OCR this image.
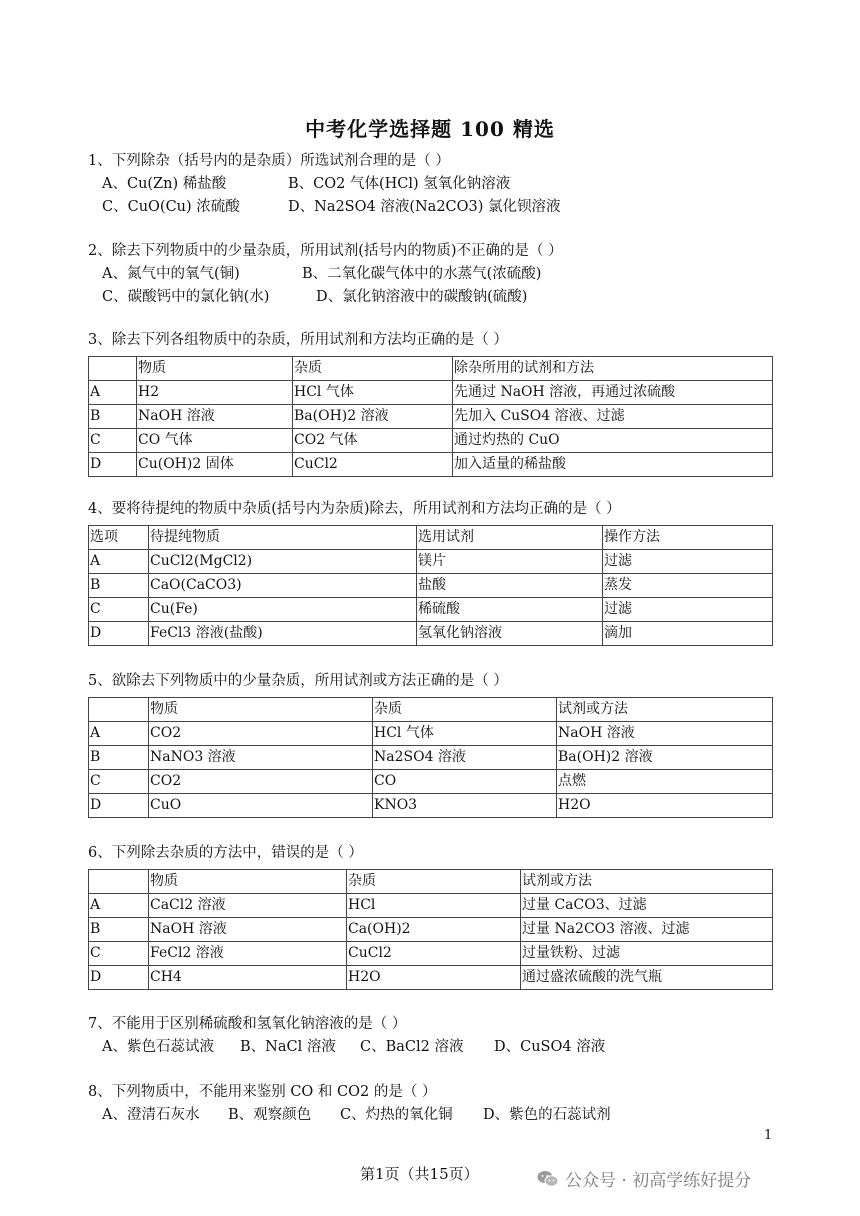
中考化学选择题 100 精选
1、下列除杂（括号内的是杂质）所选试剂合理的是（ ）
A、Cu(Zn) 稀盐酸	B、CO2 气体(HCl) 氢氧化钠溶液
C、CuO(Cu) 浓硫酸	D、Na2SO4 溶液(Na2CO3) 氯化钡溶液
2、除去下列物质中的少量杂质，所用试剂(括号内的物质)不正确的是（ ）
A、氮气中的氧气(铜)	B、二氧化碳气体中的水蒸气(浓硫酸)
C、碳酸钙中的氯化钠(水)	D、氯化钠溶液中的碳酸钠(硫酸)
3、除去下列各组物质中的杂质，所用试剂和方法均正确的是（ ）
	物质	杂质	除杂所用的试剂和方法
A	H2	HCl 气体	先通过 NaOH 溶液，再通过浓硫酸
B	NaOH 溶液	Ba(OH)2 溶液	先加入 CuSO4 溶液、过滤
C	CO 气体	CO2 气体	通过灼热的 CuO
D	Cu(OH)2 固体	CuCl2	加入适量的稀盐酸
4、要将待提纯的物质中杂质(括号内为杂质)除去，所用试剂和方法均正确的是（ ）
选项	待提纯物质	选用试剂	操作方法
A	CuCl2(MgCl2)	镁片	过滤
B	CaO(CaCO3)	盐酸	蒸发
C	Cu(Fe)	稀硫酸	过滤
D	FeCl3 溶液(盐酸)	氢氧化钠溶液	滴加
5、欲除去下列物质中的少量杂质，所用试剂或方法正确的是（ ）
	物质	杂质	试剂或方法
A	CO2	HCl 气体	NaOH 溶液
B	NaNO3 溶液	Na2SO4 溶液	Ba(OH)2 溶液
C	CO2	CO	点燃
D	CuO	KNO3	H2O
6、下列除去杂质的方法中，错误的是（ ）
	物质	杂质	试剂或方法
A	CaCl2 溶液	HCl	过量 CaCO3、过滤
B	NaOH 溶液	Ca(OH)2	过量 Na2CO3 溶液、过滤
C	FeCl2 溶液	CuCl2	过量铁粉、过滤
D	CH4	H2O	通过盛浓硫酸的洗气瓶
7、不能用于区别稀硫酸和氢氧化钠溶液的是（ ）
A、紫色石蕊试液 B、NaCl 溶液 C、BaCl2 溶液 D、CuSO4 溶液
8、下列物质中，不能用来鉴别 CO 和 CO2 的是（ ）
A、澄清石灰水 B、观察颜色 C、灼热的氧化铜 D、紫色的石蕊试剂
1
第1页（共15页）	公众号 · 初高学练好提分
